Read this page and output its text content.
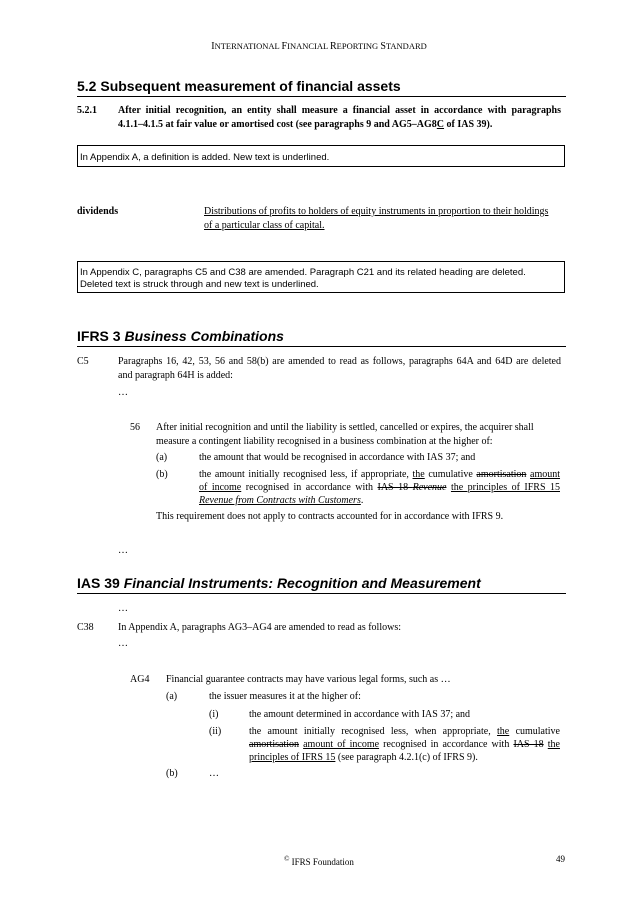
INTERNATIONAL FINANCIAL REPORTING STANDARD
5.2 Subsequent measurement of financial assets
5.2.1 After initial recognition, an entity shall measure a financial asset in accordance with paragraphs
4.1.1–4.1.5 at fair value or amortised cost (see paragraphs 9 and AG5–AG8C of IAS 39).
In Appendix A, a definition is added. New text is underlined.
dividends	Distributions of profits to holders of equity instruments in proportion to their holdings
of a particular class of capital.
In Appendix C, paragraphs C5 and C38 are amended. Paragraph C21 and its related heading are deleted.
Deleted text is struck through and new text is underlined.
IFRS 3 Business Combinations
C5	Paragraphs 16, 42, 53, 56 and 58(b) are amended to read as follows, paragraphs 64A and 64D are deleted
and paragraph 64H is added:
…
56 After initial recognition and until the liability is settled, cancelled or expires, the acquirer shall
measure a contingent liability recognised in a business combination at the higher of:
(a)	the amount that would be recognised in accordance with IAS 37; and
(b)	the amount initially recognised less, if appropriate, the cumulative amortisation amount
of income recognised in accordance with IAS 18 Revenue the principles of IFRS 15
Revenue from Contracts with Customers.
This requirement does not apply to contracts accounted for in accordance with IFRS 9.
…
IAS 39 Financial Instruments: Recognition and Measurement
…
C38 In Appendix A, paragraphs AG3–AG4 are amended to read as follows:
…
AG4 Financial guarantee contracts may have various legal forms, such as …
(a)	the issuer measures it at the higher of:
(i)	the amount determined in accordance with IAS 37; and
(ii)	the amount initially recognised less, when appropriate, the cumulative
amortisation amount of income recognised in accordance with IAS 18 the
principles of IFRS 15 (see paragraph 4.2.1(c) of IFRS 9).
(b)	…
© IFRS Foundation	49
